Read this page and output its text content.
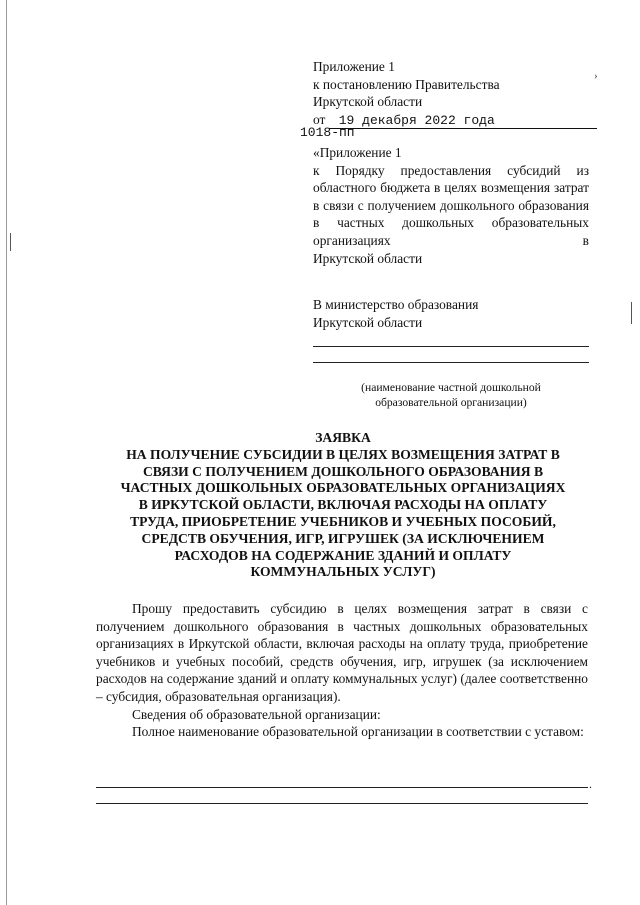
›
Приложение 1
к постановлению Правительства
Иркутской области
от 19 декабря 2022 года
1018-пп
«Приложение 1
к Порядку предоставления субсидий из областного бюджета в целях возмещения затрат в связи с получением дошкольного образования в частных дошкольных образовательных организациях в
Иркутской области
В министерство образования
Иркутской области
(наименование частной дошкольной
образовательной организации)
ЗАЯВКА
НА ПОЛУЧЕНИЕ СУБСИДИИ В ЦЕЛЯХ ВОЗМЕЩЕНИЯ ЗАТРАТ В
СВЯЗИ С ПОЛУЧЕНИЕМ ДОШКОЛЬНОГО ОБРАЗОВАНИЯ В
ЧАСТНЫХ ДОШКОЛЬНЫХ ОБРАЗОВАТЕЛЬНЫХ ОРГАНИЗАЦИЯХ
В ИРКУТСКОЙ ОБЛАСТИ, ВКЛЮЧАЯ РАСХОДЫ НА ОПЛАТУ
ТРУДА, ПРИОБРЕТЕНИЕ УЧЕБНИКОВ И УЧЕБНЫХ ПОСОБИЙ,
СРЕДСТВ ОБУЧЕНИЯ, ИГР, ИГРУШЕК (ЗА ИСКЛЮЧЕНИЕМ
РАСХОДОВ НА СОДЕРЖАНИЕ ЗДАНИЙ И ОПЛАТУ
КОММУНАЛЬНЫХ УСЛУГ)
Прошу предоставить субсидию в целях возмещения затрат в связи с получением дошкольного образования в частных дошкольных образовательных организациях в Иркутской области, включая расходы на оплату труда, приобретение учебников и учебных пособий, средств обучения, игр, игрушек (за исключением расходов на содержание зданий и оплату коммунальных услуг) (далее соответственно – субсидия, образовательная организация).
Сведения об образовательной организации:
Полное наименование образовательной организации в соответствии с уставом:
.
